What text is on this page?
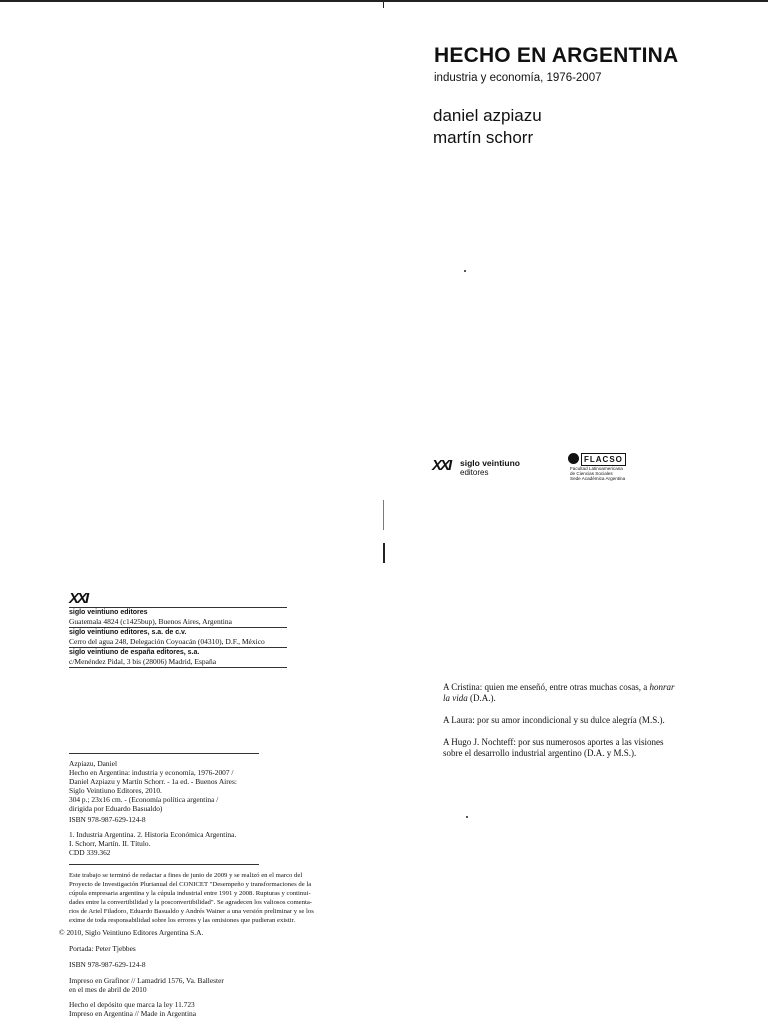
HECHO EN ARGENTINA
industria y economía, 1976-2007
daniel azpiazu
martín schorr
XXI siglo veintiuno
editores
FLACSO
Facultad Latinoamericana
de Ciencias Sociales
Sede Académica Argentina
XXI
siglo veintiuno editores
Guatemala 4824 (c1425bup), Buenos Aires, Argentina
siglo veintiuno editores, s.a. de c.v.
Cerro del agua 248, Delegación Coyoacán (04310), D.F., México
siglo veintiuno de españa editores, s.a.
c/Menéndez Pidal, 3 bis (28006) Madrid, España
A Cristina: quien me enseñó, entre otras muchas cosas, a honrar
la vida (D.A.).
A Laura: por su amor incondicional y su dulce alegría (M.S.).
A Hugo J. Nochteff: por sus numerosos aportes a las visiones
sobre el desarrollo industrial argentino (D.A. y M.S.).
Azpiazu, Daniel
Hecho en Argentina: industria y economía, 1976-2007 /
Daniel Azpiazu y Martín Schorr. - 1a ed. - Buenos Aires:
Siglo Veintiuno Editores, 2010.
304 p.; 23x16 cm. - (Economía política argentina /
dirigida por Eduardo Basualdo)
ISBN 978-987-629-124-8
1. Industria Argentina. 2. Historia Económica Argentina.
I. Schorr, Martín. II. Título.
CDD 339.362
Este trabajo se terminó de redactar a fines de junio de 2009 y se realizó en el marco del
Proyecto de Investigación Plurianual del CONICET "Desempeño y transformaciones de la
cúpula empresaria argentina y la cúpula industrial entre 1991 y 2008. Rupturas y continui-
dades entre la convertibilidad y la posconvertibilidad". Se agradecen los valiosos comenta-
rios de Ariel Filadoro, Eduardo Basualdo y Andrés Wainer a una versión preliminar y se los
exime de toda responsabilidad sobre los errores y las omisiones que pudieran existir.
© 2010, Siglo Veintiuno Editores Argentina S.A.
Portada: Peter Tjebbes
ISBN 978-987-629-124-8
Impreso en Grafinor // Lamadrid 1576, Va. Ballester
en el mes de abril de 2010
Hecho el depósito que marca la ley 11.723
Impreso en Argentina // Made in Argentina
